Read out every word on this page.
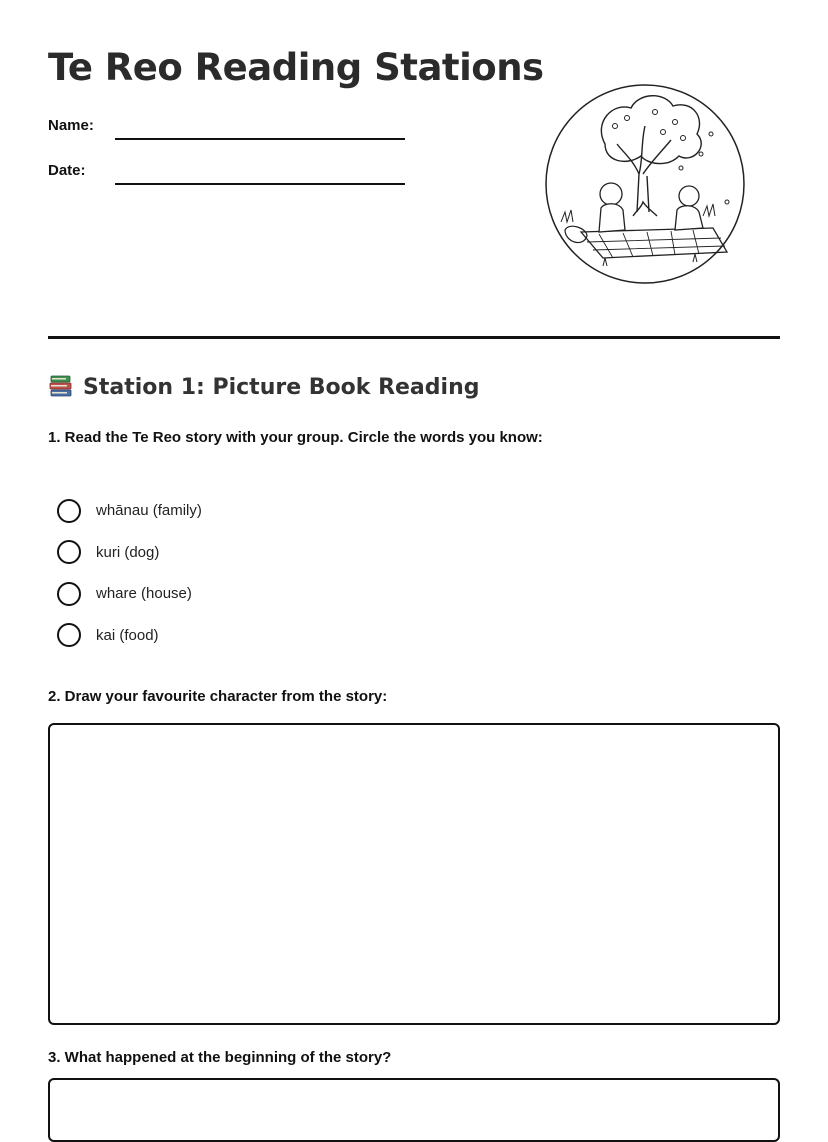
Te Reo Reading Stations
Name:
Date:
Station 1: Picture Book Reading

1. Read the Te Reo story with your group. Circle the words you know:

whānau (family)
kuri (dog)
whare (house)
kai (food)

2. Draw your favourite character from the story:

3. What happened at the beginning of the story?
